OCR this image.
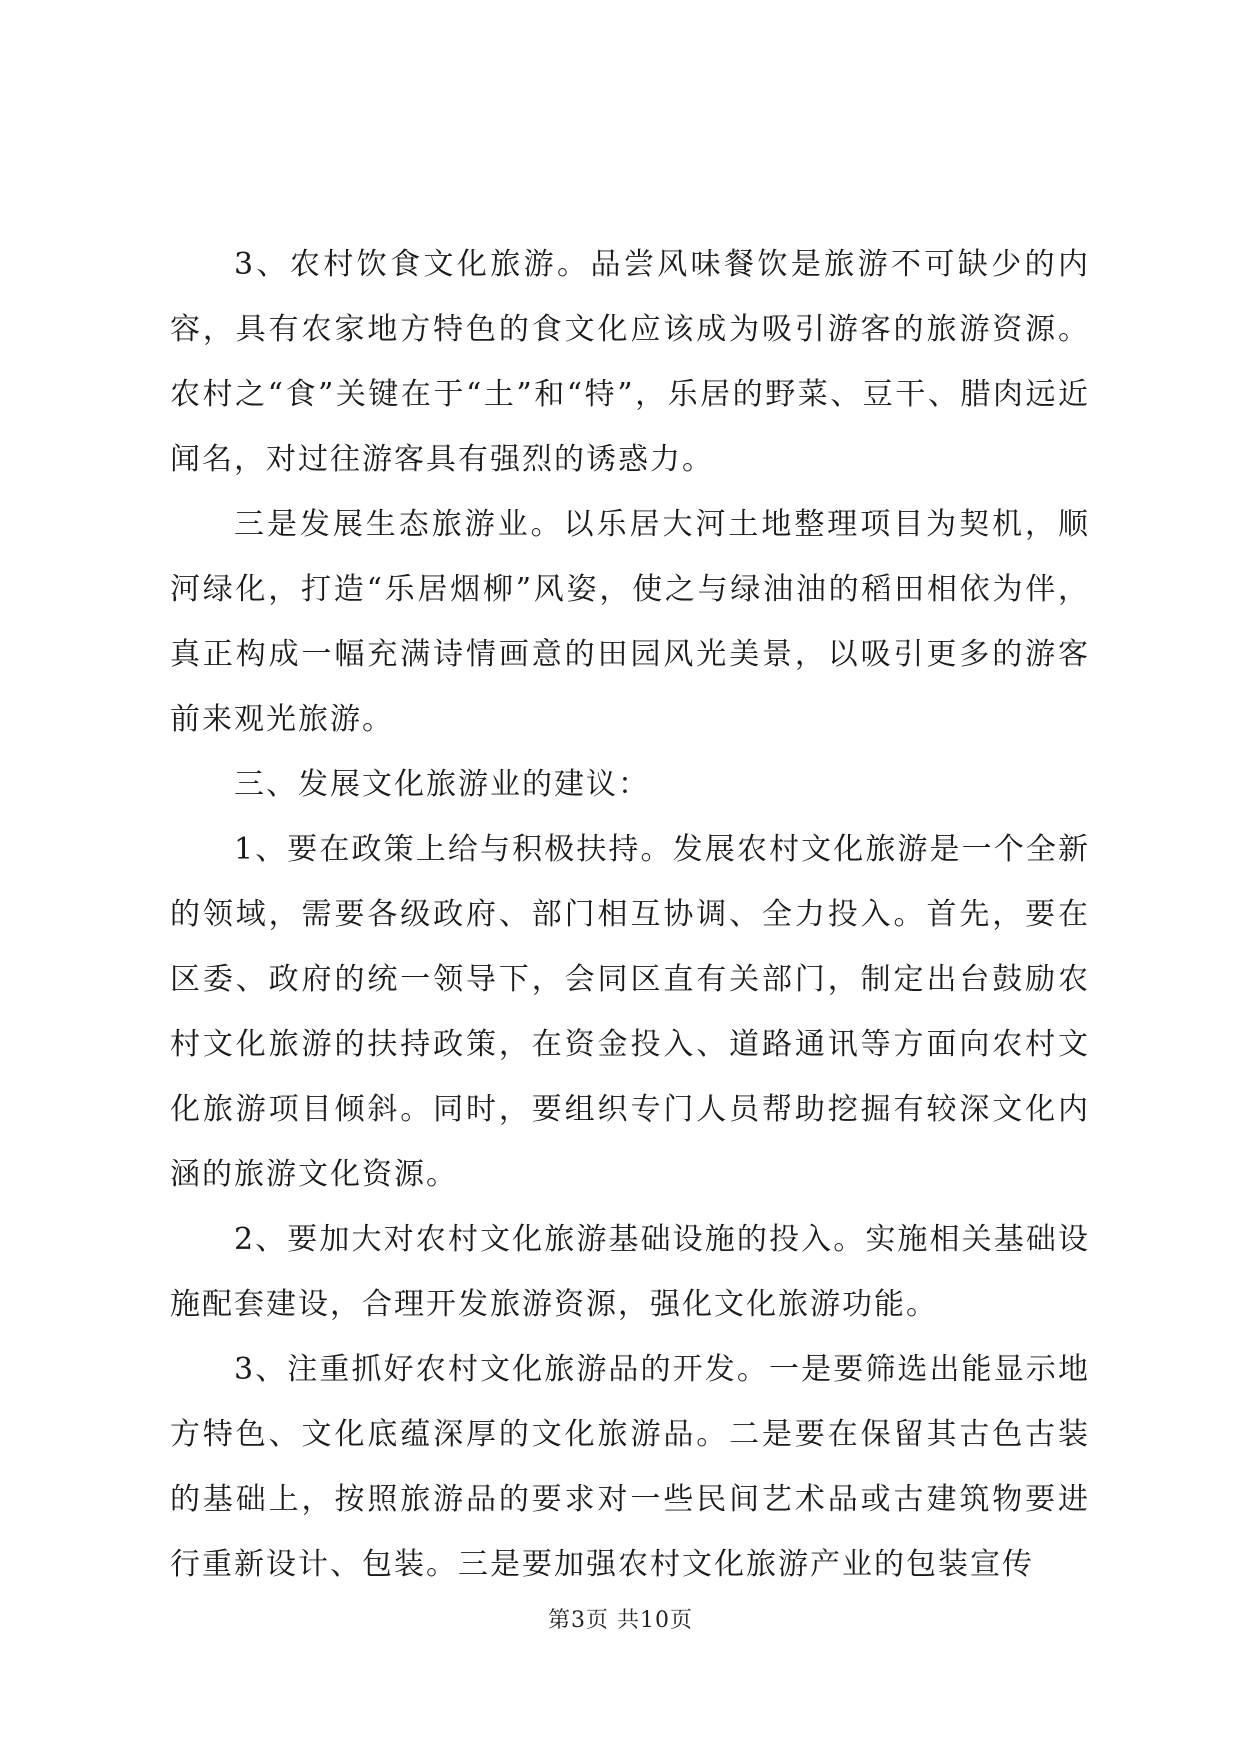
3、农村饮食文化旅游。品尝风味餐饮是旅游不可缺少的内容，具有农家地方特色的食文化应该成为吸引游客的旅游资源。农村之“食”关键在于“土”和“特”，乐居的野菜、豆干、腊肉远近闻名，对过往游客具有强烈的诱惑力。

三是发展生态旅游业。以乐居大河土地整理项目为契机，顺河绿化，打造“乐居烟柳”风姿，使之与绿油油的稻田相依为伴，真正构成一幅充满诗情画意的田园风光美景，以吸引更多的游客前来观光旅游。

三、发展文化旅游业的建议：

1、要在政策上给与积极扶持。发展农村文化旅游是一个全新的领域，需要各级政府、部门相互协调、全力投入。首先，要在区委、政府的统一领导下，会同区直有关部门，制定出台鼓励农村文化旅游的扶持政策，在资金投入、道路通讯等方面向农村文化旅游项目倾斜。同时，要组织专门人员帮助挖掘有较深文化内涵的旅游文化资源。

2、要加大对农村文化旅游基础设施的投入。实施相关基础设施配套建设，合理开发旅游资源，强化文化旅游功能。

3、注重抓好农村文化旅游品的开发。一是要筛选出能显示地方特色、文化底蕴深厚的文化旅游品。二是要在保留其古色古装的基础上，按照旅游品的要求对一些民间艺术品或古建筑物要进行重新设计、包装。三是要加强农村文化旅游产业的包装宣传

第3页 共10页
